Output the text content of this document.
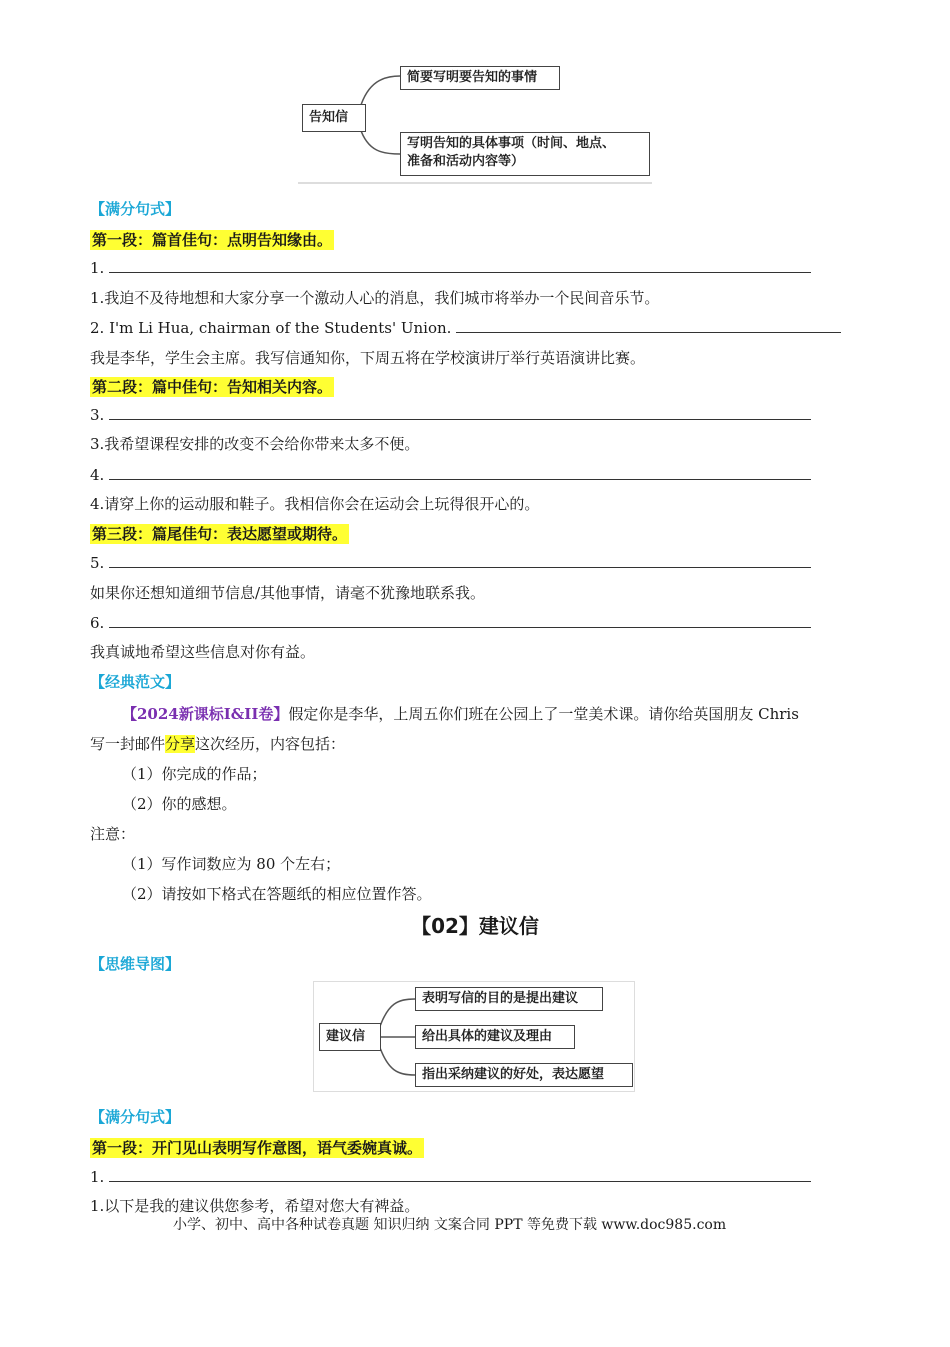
告知信
简要写明要告知的事情
写明告知的具体事项（时间、地点、
准备和活动内容等）
【满分句式】
第一段：篇首佳句：点明告知缘由。
1.
1.我迫不及待地想和大家分享一个激动人心的消息，我们城市将举办一个民间音乐节。
2. I'm Li Hua, chairman of the Students' Union.
我是李华，学生会主席。我写信通知你，下周五将在学校演讲厅举行英语演讲比赛。
第二段：篇中佳句：告知相关内容。
3.
3.我希望课程安排的改变不会给你带来太多不便。
4.
4.请穿上你的运动服和鞋子。我相信你会在运动会上玩得很开心的。
第三段：篇尾佳句：表达愿望或期待。
5.
如果你还想知道细节信息/其他事情，请毫不犹豫地联系我。
6.
我真诚地希望这些信息对你有益。
【经典范文】
【2024新课标I&II卷】假定你是李华，上周五你们班在公园上了一堂美术课。请你给英国朋友 Chris
写一封邮件分享这次经历，内容包括：
（1）你完成的作品；
（2）你的感想。
注意：
（1）写作词数应为 80 个左右；
（2）请按如下格式在答题纸的相应位置作答。
【02】建议信
【思维导图】
建议信
表明写信的目的是提出建议
给出具体的建议及理由
指出采纳建议的好处，表达愿望
【满分句式】
第一段：开门见山表明写作意图，语气委婉真诚。
1.
1.以下是我的建议供您参考，希望对您大有裨益。
小学、初中、高中各种试卷真题 知识归纳 文案合同 PPT 等免费下载 www.doc985.com
